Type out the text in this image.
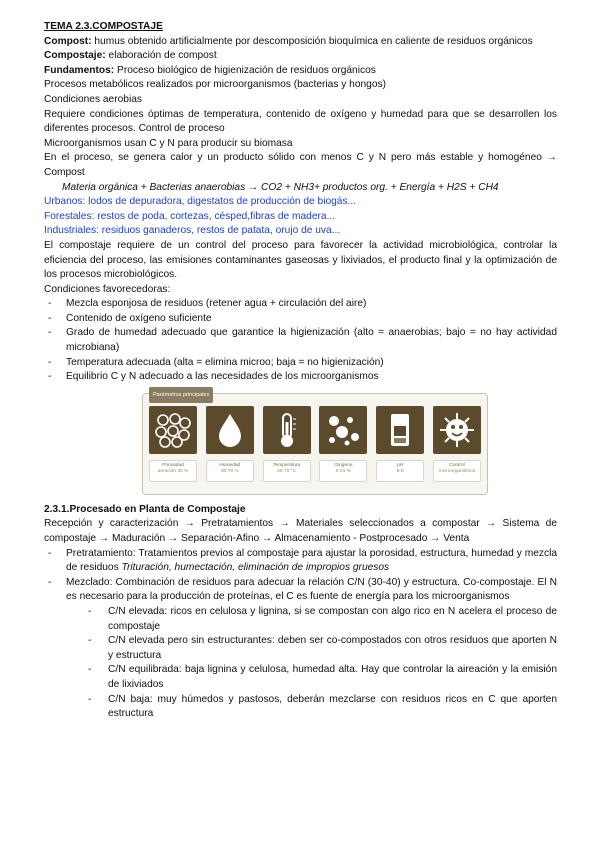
TEMA 2.3.COMPOSTAJE

Compost: humus obtenido artificialmente por descomposición bioquímica en caliente de residuos orgánicos

Compostaje: elaboración de compost

Fundamentos: Proceso biológico de higienización de residuos orgánicos

Procesos metabólicos realizados por microorganismos (bacterias y hongos)

Condiciones aerobias

Requiere condiciones óptimas de temperatura, contenido de oxígeno y humedad para que se desarrollen los diferentes procesos. Control de proceso

Microorganismos usan C y N para producir su biomasa

En el proceso, se genera calor y un producto sólido con menos C y N pero más estable y homogéneo → Compost

Materia orgánica + Bacterias anaerobias → CO2 + NH3+ productos org. + Energía + H2S + CH4

Urbanos: lodos de depuradora, digestatos de producción de biogás...

Forestales: restos de poda, cortezas, césped,fibras de madera...

Industriales: residuos ganaderos, restos de patata, orujo de uva...

El compostaje requiere de un control del proceso para favorecer la actividad microbiológica, controlar la eficiencia del proceso, las emisiones contaminantes gaseosas y lixiviados, el producto final y la optimización de los procesos microbiológicos.

Condiciones favorecedoras:

- Mezcla esponjosa de residuos (retener agua + circulación del aire)
- Contenido de oxígeno suficiente
- Grado de humedad adecuado que garantice la higienización (alto = anaerobias; bajo = no hay actividad microbiana)
- Temperatura adecuada (alta = elimina microo; baja = no higienización)
- Equilibrio C y N adecuado a las necesidades de los microorganismos
Parámetros principales
Porosidad
aeración 30 %
Humedad
30-70 %
Temperatura
40-70 °C
Oxígeno
0-21 %
pH
6-8
Control
microorganismos

2.3.1.Procesado en Planta de Compostaje

Recepción y caracterización → Pretratamientos → Materiales seleccionados a compostar → Sistema de compostaje → Maduración → Separación-Afino → Almacenamiento - Postprocesado → Venta

- Pretratamiento: Tratamientos previos al compostaje para ajustar la porosidad, estructura, humedad y mezcla de residuos Trituración, humectación, eliminación de impropios gruesos
- Mezclado: Combinación de residuos para adecuar la relación C/N (30-40) y estructura. Co-compostaje. El N es necesario para la producción de proteínas, el C es fuente de energía para los microorganismos
- C/N elevada: ricos en celulosa y lignina, si se compostan con algo rico en N acelera el proceso de compostaje
- C/N elevada pero sin estructurantes: deben ser co-compostados con otros residuos que aporten N y estructura
- C/N equilibrada: baja lignina y celulosa, humedad alta. Hay que controlar la aireación y la emisión de lixiviados
- C/N baja: muy húmedos y pastosos, deberán mezclarse con residuos ricos en C que aporten estructura
